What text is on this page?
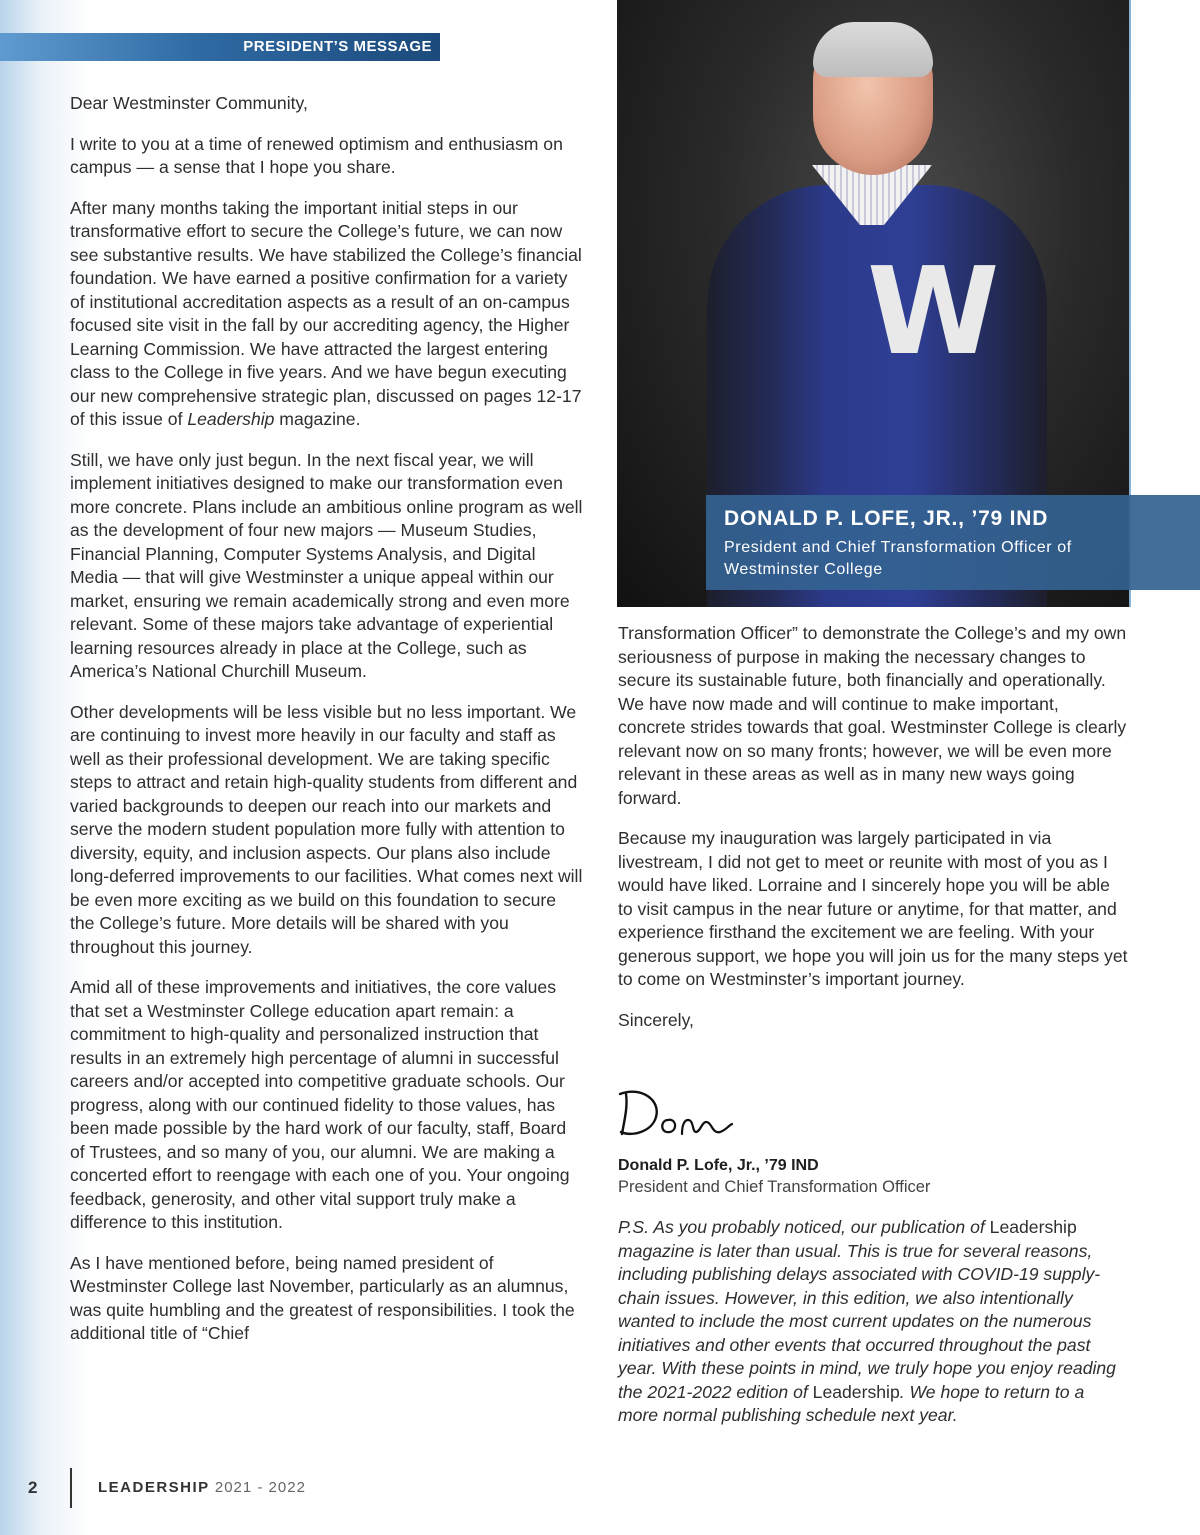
PRESIDENT’S MESSAGE

Dear Westminster Community,

I write to you at a time of renewed optimism and enthusiasm on campus — a sense that I hope you share.

After many months taking the important initial steps in our transformative effort to secure the College’s future, we can now see substantive results. We have stabilized the College’s financial foundation. We have earned a positive confirmation for a variety of institutional accreditation aspects as a result of an on-campus focused site visit in the fall by our accrediting agency, the Higher Learning Commission. We have attracted the largest entering class to the College in five years. And we have begun executing our new comprehensive strategic plan, discussed on pages 12-17 of this issue of Leadership magazine.

Still, we have only just begun. In the next fiscal year, we will implement initiatives designed to make our transformation even more concrete. Plans include an ambitious online program as well as the development of four new majors — Museum Studies, Financial Planning, Computer Systems Analysis, and Digital Media — that will give Westminster a unique appeal within our market, ensuring we remain academically strong and even more relevant. Some of these majors take advantage of experiential learning resources already in place at the College, such as America’s National Churchill Museum.

Other developments will be less visible but no less important. We are continuing to invest more heavily in our faculty and staff as well as their professional development. We are taking specific steps to attract and retain high-quality students from different and varied backgrounds to deepen our reach into our markets and serve the modern student population more fully with attention to diversity, equity, and inclusion aspects. Our plans also include long-deferred improvements to our facilities. What comes next will be even more exciting as we build on this foundation to secure the College’s future. More details will be shared with you throughout this journey.

Amid all of these improvements and initiatives, the core values that set a Westminster College education apart remain: a commitment to high-quality and personalized instruction that results in an extremely high percentage of alumni in successful careers and/or accepted into competitive graduate schools. Our progress, along with our continued fidelity to those values, has been made possible by the hard work of our faculty, staff, Board of Trustees, and so many of you, our alumni. We are making a concerted effort to reengage with each one of you. Your ongoing feedback, generosity, and other vital support truly make a difference to this institution.

As I have mentioned before, being named president of Westminster College last November, particularly as an alumnus, was quite humbling and the greatest of responsibilities. I took the additional title of “Chief

W
DONALD P. LOFE, JR., ’79 IND
President and Chief Transformation Officer of Westminster College

Transformation Officer” to demonstrate the College’s and my own seriousness of purpose in making the necessary changes to secure its sustainable future, both financially and operationally. We have now made and will continue to make important, concrete strides towards that goal. Westminster College is clearly relevant now on so many fronts; however, we will be even more relevant in these areas as well as in many new ways going forward.

Because my inauguration was largely participated in via livestream, I did not get to meet or reunite with most of you as I would have liked. Lorraine and I sincerely hope you will be able to visit campus in the near future or anytime, for that matter, and experience firsthand the excitement we are feeling. With your generous support, we hope you will join us for the many steps yet to come on Westminster’s important journey.

Sincerely,

Donald P. Lofe, Jr., ’79 IND
President and Chief Transformation Officer
P.S. As you probably noticed, our publication of Leadership magazine is later than usual. This is true for several reasons, including publishing delays associated with COVID-19 supply-chain issues. However, in this edition, we also intentionally wanted to include the most current updates on the numerous initiatives and other events that occurred throughout the past year. With these points in mind, we truly hope you enjoy reading the 2021-2022 edition of Leadership. We hope to return to a more normal publishing schedule next year.
2	LEADERSHIP 2021 - 2022
